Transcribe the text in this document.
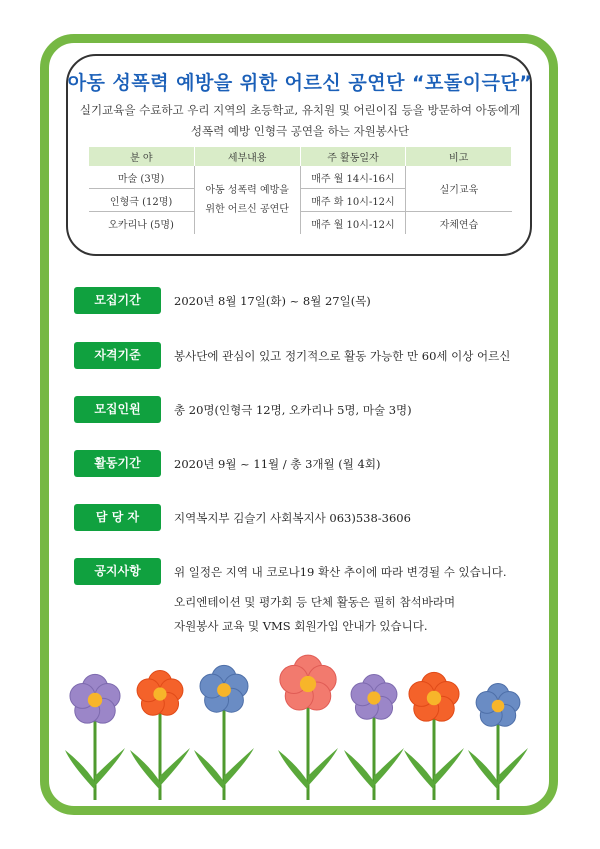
아동 성폭력 예방을 위한 어르신 공연단 “포돌이극단”
실기교육을 수료하고 우리 지역의 초등학교, 유치원 및 어린이집 등을 방문하여 아동에게
성폭력 예방 인형극 공연을 하는 자원봉사단
분 야	세부내용	주 활동일자	비고
마술 (3명)	아동 성폭력 예방을 위한 어르신 공연단	매주 월 14시-16시	실기교육
인형극 (12명)		매주 화 10시-12시	
오카리나 (5명)		매주 월 10시-12시	자체연습
모집기간	2020년 8월 17일(화) ~ 8월 27일(목)
자격기준	봉사단에 관심이 있고 정기적으로 활동 가능한 만 60세 이상 어르신
모집인원	총 20명(인형극 12명, 오카리나 5명, 마술 3명)
활동기간	2020년 9월 ~ 11월 / 총 3개월 (월 4회)
담 당 자	지역복지부 김슬기 사회복지사 063)538-3606
공지사항	위 일정은 지역 내 코로나19 확산 추이에 따라 변경될 수 있습니다.
오리엔테이션 및 평가회 등 단체 활동은 필히 참석바라며
자원봉사 교육 및 VMS 회원가입 안내가 있습니다.
